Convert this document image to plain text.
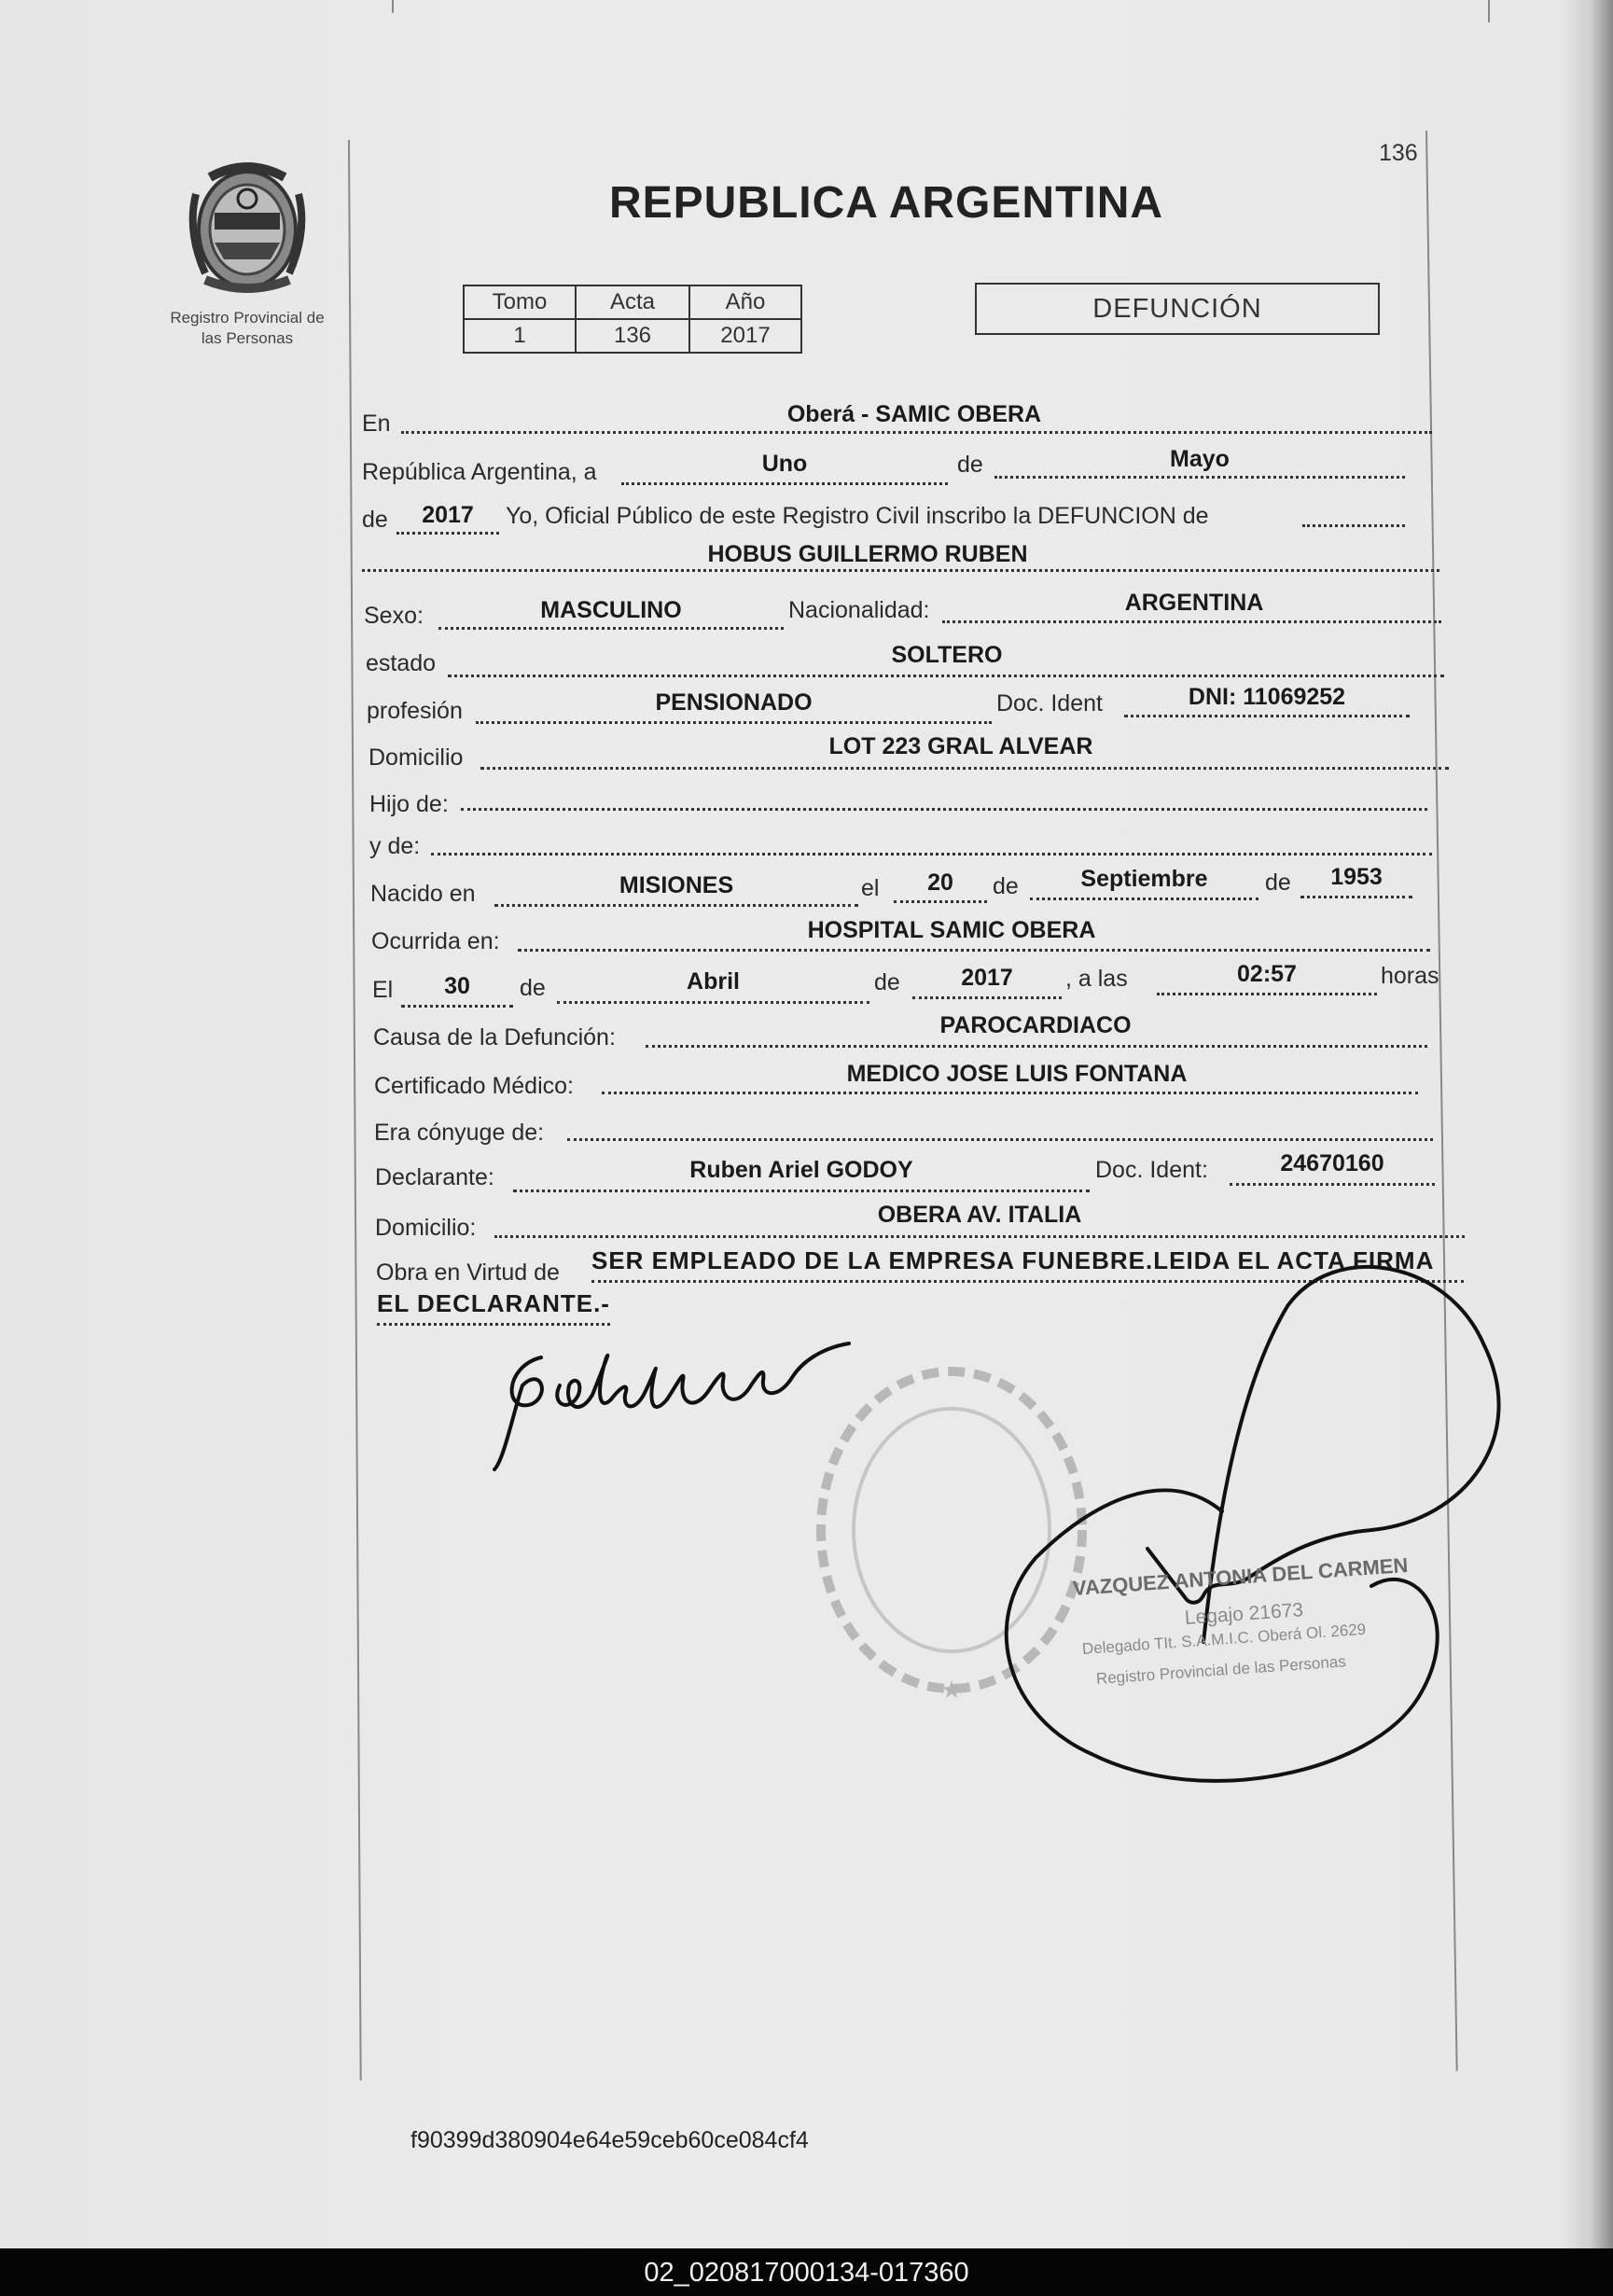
136
Registro Provincial de
las Personas
REPUBLICA ARGENTINA
Tomo	Acta	Año
1	136	2017
DEFUNCIÓN
En	Oberá - SAMIC OBERA
República Argentina, a	Uno	de	Mayo
de	2017	Yo, Oficial Público de este Registro Civil inscribo la DEFUNCION de
HOBUS GUILLERMO RUBEN
Sexo:	MASCULINO	Nacionalidad:	ARGENTINA
estado	SOLTERO
profesión	PENSIONADO	Doc. Ident	DNI: 11069252
Domicilio	LOT 223 GRAL ALVEAR
Hijo de:
y de:
Nacido en	MISIONES	el	20	de	Septiembre	de	1953
Ocurrida en:	HOSPITAL SAMIC OBERA
El	30	de	Abril	de	2017	, a las	02:57	horas
Causa de la Defunción:	PAROCARDIACO
Certificado Médico:	MEDICO JOSE LUIS FONTANA
Era cónyuge de:
Declarante:	Ruben Ariel GODOY	Doc. Ident:	24670160
Domicilio:	OBERA AV. ITALIA
Obra en Virtud de SER EMPLEADO DE LA EMPRESA FUNEBRE.LEIDA EL ACTA FIRMA
EL DECLARANTE.-
★
VAZQUEZ ANTONIA DEL CARMEN
Legajo 21673
Delegado TIt. S.A.M.I.C. Oberá Ol. 2629
Registro Provincial de las Personas
f90399d380904e64e59ceb60ce084cf4
02_020817000134-017360
